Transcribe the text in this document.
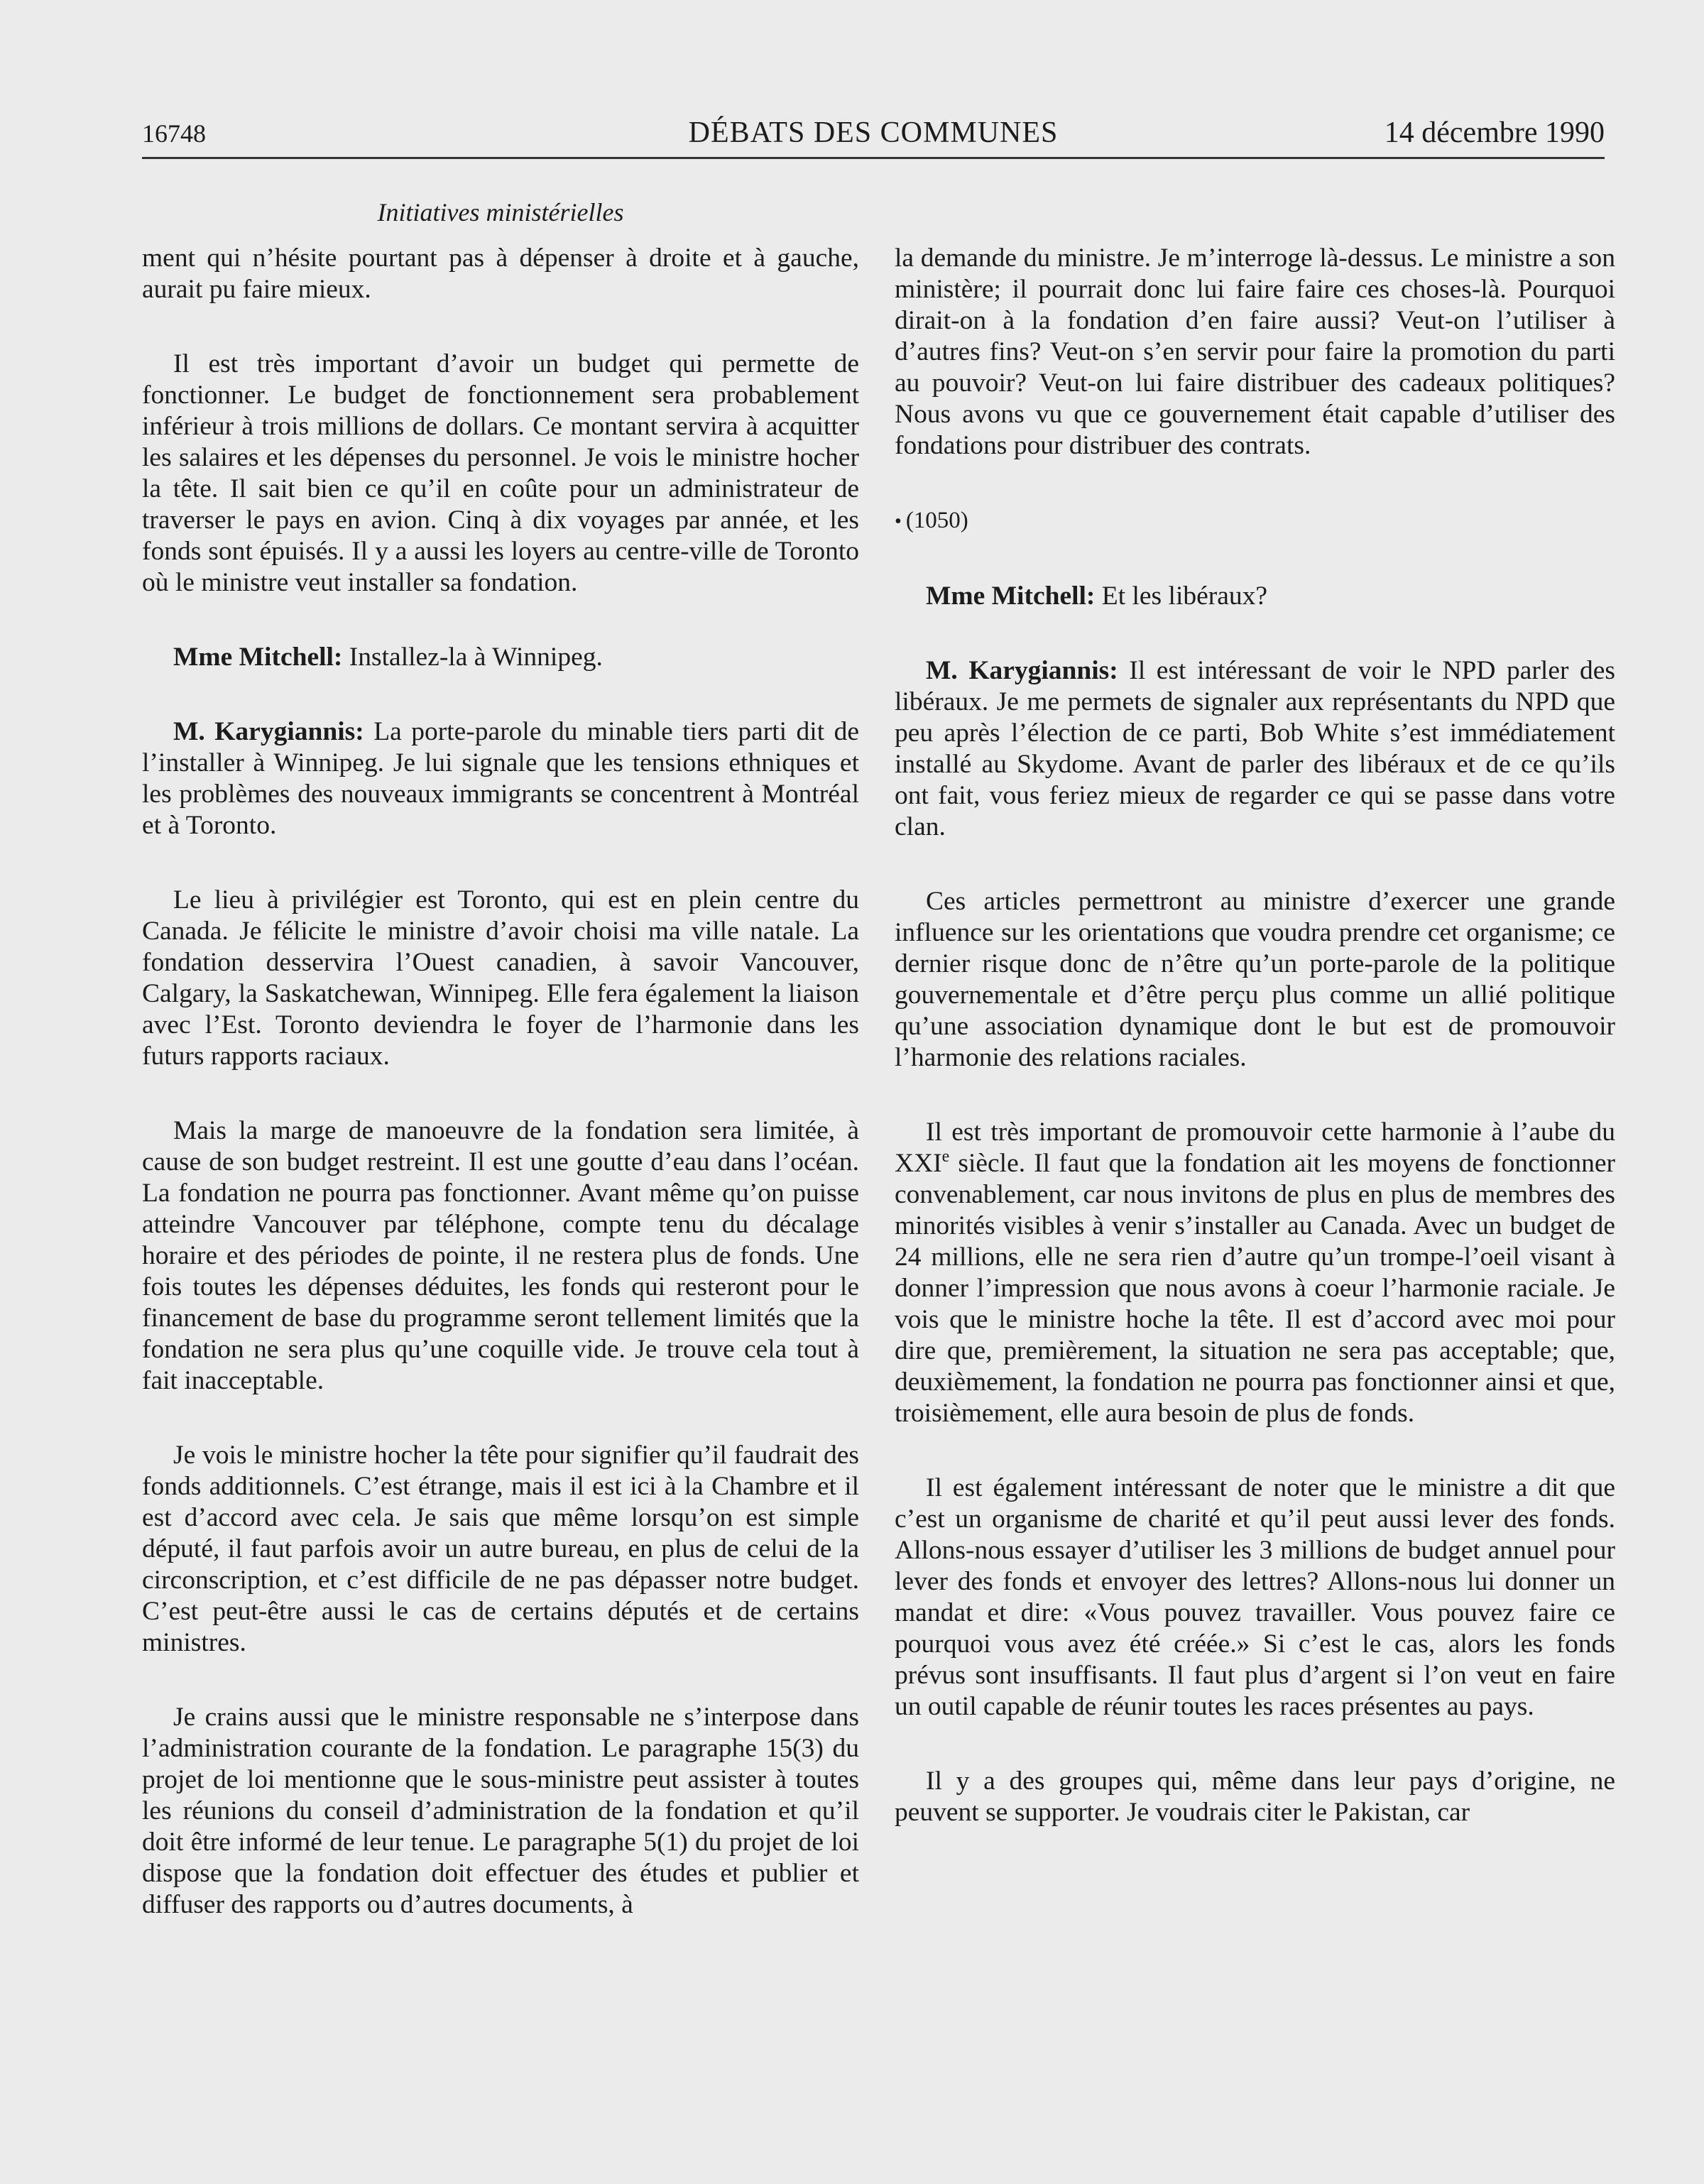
16748	DÉBATS DES COMMUNES	14 décembre 1990
Initiatives ministérielles

ment qui n’hésite pourtant pas à dépenser à droite et à gauche, aurait pu faire mieux.

Il est très important d’avoir un budget qui permette de fonctionner. Le budget de fonctionnement sera probablement inférieur à trois millions de dollars. Ce montant servira à acquitter les salaires et les dépenses du personnel. Je vois le ministre hocher la tête. Il sait bien ce qu’il en coûte pour un administrateur de traverser le pays en avion. Cinq à dix voyages par année, et les fonds sont épuisés. Il y a aussi les loyers au centre-ville de Toronto où le ministre veut installer sa fondation.

Mme Mitchell: Installez-la à Winnipeg.

M. Karygiannis: La porte-parole du minable tiers parti dit de l’installer à Winnipeg. Je lui signale que les tensions ethniques et les problèmes des nouveaux immigrants se concentrent à Montréal et à Toronto.

Le lieu à privilégier est Toronto, qui est en plein centre du Canada. Je félicite le ministre d’avoir choisi ma ville natale. La fondation desservira l’Ouest canadien, à savoir Vancouver, Calgary, la Saskatchewan, Winnipeg. Elle fera également la liaison avec l’Est. Toronto deviendra le foyer de l’harmonie dans les futurs rapports raciaux.

Mais la marge de manoeuvre de la fondation sera limitée, à cause de son budget restreint. Il est une goutte d’eau dans l’océan. La fondation ne pourra pas fonctionner. Avant même qu’on puisse atteindre Vancouver par téléphone, compte tenu du décalage horaire et des périodes de pointe, il ne restera plus de fonds. Une fois toutes les dépenses déduites, les fonds qui resteront pour le financement de base du programme seront tellement limités que la fondation ne sera plus qu’une coquille vide. Je trouve cela tout à fait inacceptable.

Je vois le ministre hocher la tête pour signifier qu’il faudrait des fonds additionnels. C’est étrange, mais il est ici à la Chambre et il est d’accord avec cela. Je sais que même lorsqu’on est simple député, il faut parfois avoir un autre bureau, en plus de celui de la circonscription, et c’est difficile de ne pas dépasser notre budget. C’est peut-être aussi le cas de certains députés et de certains ministres.

Je crains aussi que le ministre responsable ne s’interpose dans l’administration courante de la fondation. Le paragraphe 15(3) du projet de loi mentionne que le sous-ministre peut assister à toutes les réunions du conseil d’administration de la fondation et qu’il doit être informé de leur tenue. Le paragraphe 5(1) du projet de loi dispose que la fondation doit effectuer des études et publier et diffuser des rapports ou d’autres documents, à

la demande du ministre. Je m’interroge là-dessus. Le ministre a son ministère; il pourrait donc lui faire faire ces choses-là. Pourquoi dirait-on à la fondation d’en faire aussi? Veut-on l’utiliser à d’autres fins? Veut-on s’en servir pour faire la promotion du parti au pouvoir? Veut-on lui faire distribuer des cadeaux politiques? Nous avons vu que ce gouvernement était capable d’utiliser des fondations pour distribuer des contrats.

• (1050)

Mme Mitchell: Et les libéraux?

M. Karygiannis: Il est intéressant de voir le NPD parler des libéraux. Je me permets de signaler aux représentants du NPD que peu après l’élection de ce parti, Bob White s’est immédiatement installé au Skydome. Avant de parler des libéraux et de ce qu’ils ont fait, vous feriez mieux de regarder ce qui se passe dans votre clan.

Ces articles permettront au ministre d’exercer une grande influence sur les orientations que voudra prendre cet organisme; ce dernier risque donc de n’être qu’un porte-parole de la politique gouvernementale et d’être perçu plus comme un allié politique qu’une association dynamique dont le but est de promouvoir l’harmonie des relations raciales.

Il est très important de promouvoir cette harmonie à l’aube du XXIe siècle. Il faut que la fondation ait les moyens de fonctionner convenablement, car nous invitons de plus en plus de membres des minorités visibles à venir s’installer au Canada. Avec un budget de 24 millions, elle ne sera rien d’autre qu’un trompe-l’oeil visant à donner l’impression que nous avons à coeur l’harmonie raciale. Je vois que le ministre hoche la tête. Il est d’accord avec moi pour dire que, premièrement, la situation ne sera pas acceptable; que, deuxièmement, la fondation ne pourra pas fonctionner ainsi et que, troisièmement, elle aura besoin de plus de fonds.

Il est également intéressant de noter que le ministre a dit que c’est un organisme de charité et qu’il peut aussi lever des fonds. Allons-nous essayer d’utiliser les 3 millions de budget annuel pour lever des fonds et envoyer des lettres? Allons-nous lui donner un mandat et dire: «Vous pouvez travailler. Vous pouvez faire ce pourquoi vous avez été créée.» Si c’est le cas, alors les fonds prévus sont insuffisants. Il faut plus d’argent si l’on veut en faire un outil capable de réunir toutes les races présentes au pays.

Il y a des groupes qui, même dans leur pays d’origine, ne peuvent se supporter. Je voudrais citer le Pakistan, car
